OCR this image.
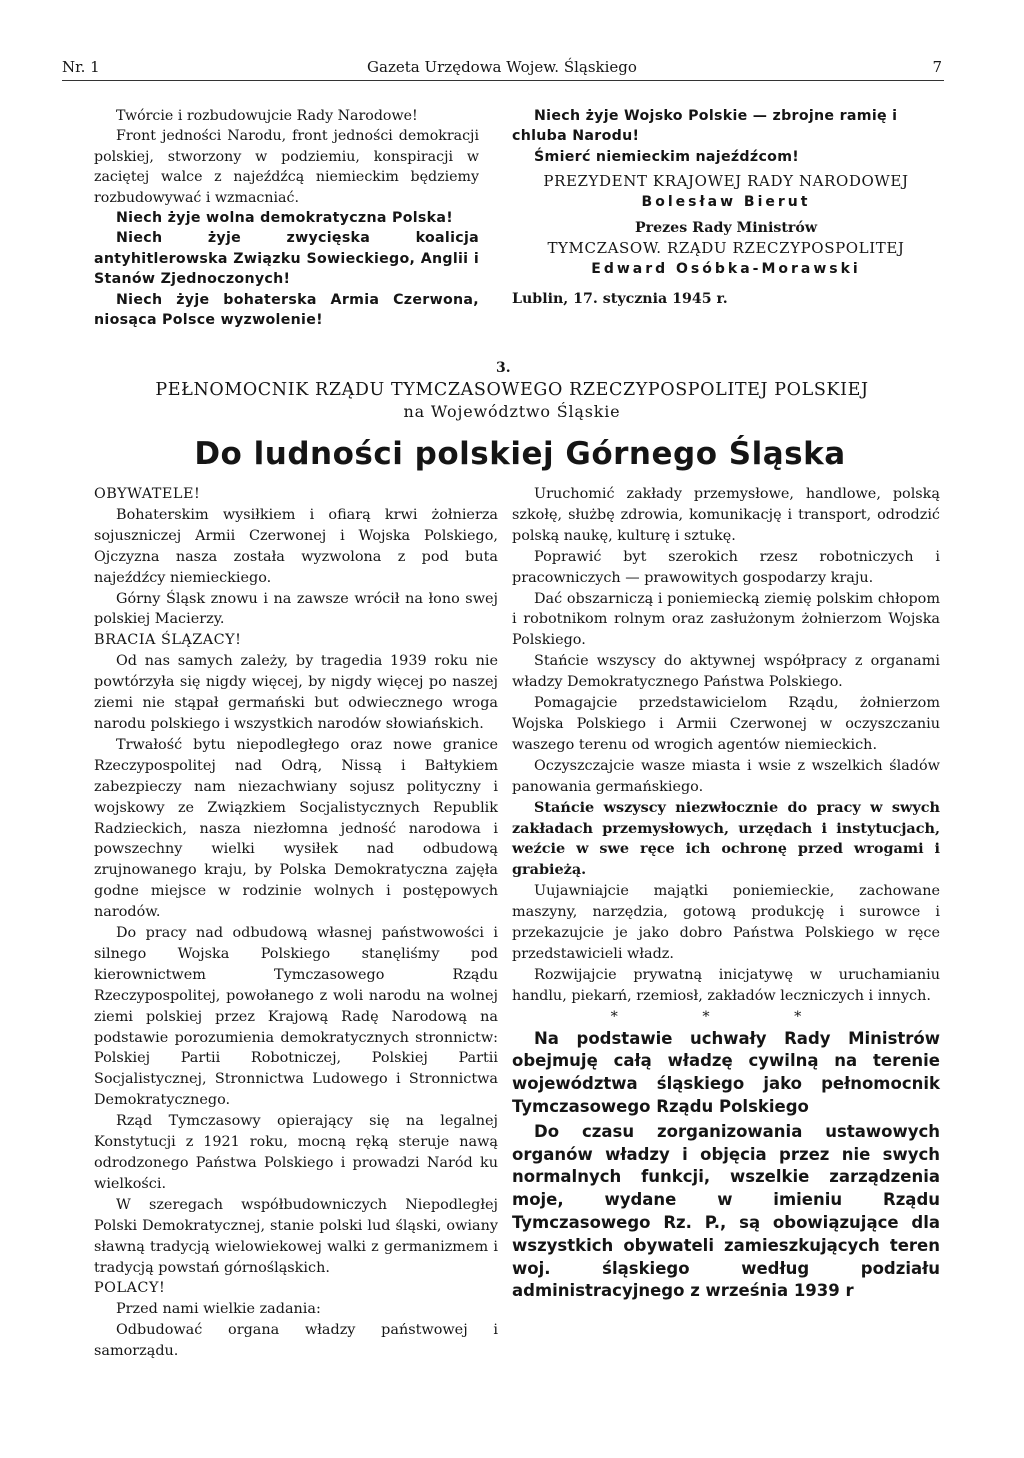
Nr. 1	Gazeta Urzędowa Wojew. Śląskiego	7

Twórcie i rozbudowujcie Rady Narodowe!

Front jedności Narodu, front jedności demokracji polskiej, stworzony w podziemiu, konspiracji w zaciętej walce z najeźdźcą niemieckim będziemy rozbudowywać i wzmacniać.

Niech żyje wolna demokratyczna Polska!

Niech żyje zwycięska koalicja antyhitlerowska Związku Sowieckiego, Anglii i Stanów Zjednoczonych!

Niech żyje bohaterska Armia Czerwona, niosąca Polsce wyzwolenie!

Niech żyje Wojsko Polskie — zbrojne ramię i chluba Narodu!

Śmierć niemieckim najeźdźcom!

PREZYDENT KRAJOWEJ RADY NARODOWEJ

Bolesław Bierut

Prezes Rady Ministrów

TYMCZASOW. RZĄDU RZECZYPOSPOLITEJ

Edward Osóbka-Morawski

Lublin, 17. stycznia 1945 r.

3.
PEŁNOMOCNIK RZĄDU TYMCZASOWEGO RZECZYPOSPOLITEJ POLSKIEJ
na Województwo Śląskie
Do ludności polskiej Górnego Śląska

OBYWATELE!

Bohaterskim wysiłkiem i ofiarą krwi żołnierza sojuszniczej Armii Czerwonej i Wojska Polskiego, Ojczyzna nasza została wyzwolona z pod buta najeźdźcy niemieckiego.

Górny Śląsk znowu i na zawsze wrócił na łono swej polskiej Macierzy.

BRACIA ŚLĄZACY!

Od nas samych zależy, by tragedia 1939 roku nie powtórzyła się nigdy więcej, by nigdy więcej po naszej ziemi nie stąpał germański but odwiecznego wroga narodu polskiego i wszystkich narodów słowiańskich.

Trwałość bytu niepodległego oraz nowe granice Rzeczypospolitej nad Odrą, Nissą i Bałtykiem zabezpieczy nam niezachwiany sojusz polityczny i wojskowy ze Związkiem Socjalistycznych Republik Radzieckich, nasza niezłomna jedność narodowa i powszechny wielki wysiłek nad odbudową zrujnowanego kraju, by Polska Demokratyczna zajęła godne miejsce w rodzinie wolnych i postępowych narodów.

Do pracy nad odbudową własnej państwowości i silnego Wojska Polskiego stanęliśmy pod kierownictwem Tymczasowego Rządu Rzeczypospolitej, powołanego z woli narodu na wolnej ziemi polskiej przez Krajową Radę Narodową na podstawie porozumienia demokratycznych stronnictw: Polskiej Partii Robotniczej, Polskiej Partii Socjalistycznej, Stronnictwa Ludowego i Stronnictwa Demokratycznego.

Rząd Tymczasowy opierający się na legalnej Konstytucji z 1921 roku, mocną ręką steruje nawą odrodzonego Państwa Polskiego i prowadzi Naród ku wielkości.

W szeregach współbudowniczych Niepodległej Polski Demokratycznej, stanie polski lud śląski, owiany sławną tradycją wielowiekowej walki z germanizmem i tradycją powstań górnośląskich.

POLACY!

Przed nami wielkie zadania:

Odbudować organa władzy państwowej i samorządu.

Uruchomić zakłady przemysłowe, handlowe, polską szkołę, służbę zdrowia, komunikację i transport, odrodzić polską naukę, kulturę i sztukę.

Poprawić byt szerokich rzesz robotniczych i pracowniczych — prawowitych gospodarzy kraju.

Dać obszarniczą i poniemiecką ziemię polskim chłopom i robotnikom rolnym oraz zasłużonym żołnierzom Wojska Polskiego.

Stańcie wszyscy do aktywnej współpracy z organami władzy Demokratycznego Państwa Polskiego.

Pomagajcie przedstawicielom Rządu, żołnierzom Wojska Polskiego i Armii Czerwonej w oczyszczaniu waszego terenu od wrogich agentów niemieckich.

Oczyszczajcie wasze miasta i wsie z wszelkich śladów panowania germańskiego.

Stańcie wszyscy niezwłocznie do pracy w swych zakładach przemysłowych, urzędach i instytucjach, weźcie w swe ręce ich ochronę przed wrogami i grabieżą.

Uujawniajcie majątki poniemieckie, zachowane maszyny, narzędzia, gotową produkcję i surowce i przekazujcie je jako dobro Państwa Polskiego w ręce przedstawicieli władz.

Rozwijajcie prywatną inicjatywę w uruchamianiu handlu, piekarń, rzemiosł, zakładów leczniczych i innych.

* * *

Na podstawie uchwały Rady Ministrów obejmuję całą władzę cywilną na terenie województwa śląskiego jako pełnomocnik Tymczasowego Rządu Polskiego

Do czasu zorganizowania ustawowych organów władzy i objęcia przez nie swych normalnych funkcji, wszelkie zarządzenia moje, wydane w imieniu Rządu Tymczasowego Rz. P., są obowiązujące dla wszystkich obywateli zamieszkujących teren woj. śląskiego według podziału administracyjnego z września 1939 r
